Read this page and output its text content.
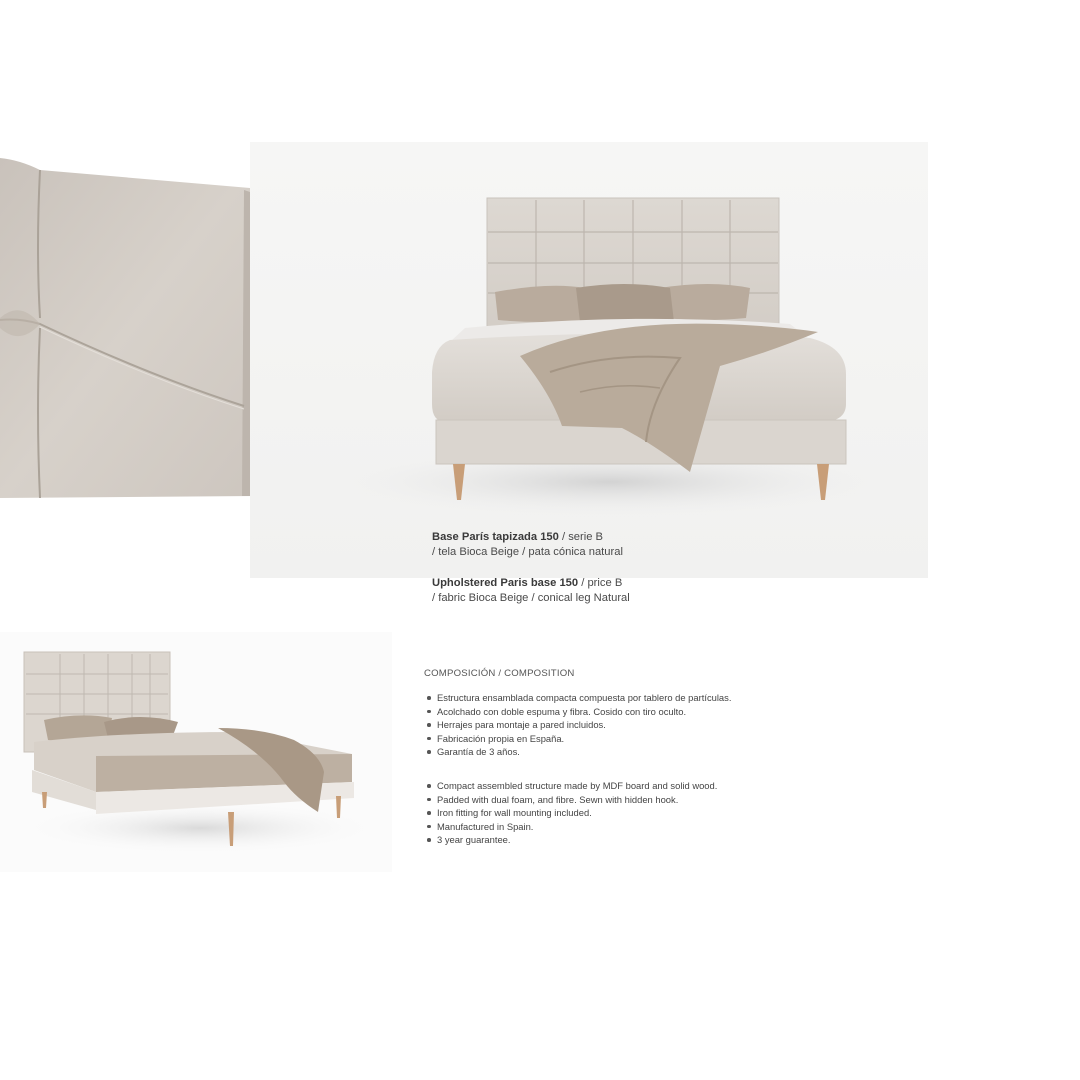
Base París tapizada 150 / serie B
/ tela Bioca Beige / pata cónica natural
Upholstered Paris base 150 / price B
/ fabric Bioca Beige / conical leg Natural
COMPOSICIÓN / COMPOSITION
Estructura ensamblada compacta compuesta por tablero de partículas.
Acolchado con doble espuma y fibra. Cosido con tiro oculto.
Herrajes para montaje a pared incluidos.
Fabricación propia en España.
Garantía de 3 años.
Compact assembled structure made by MDF board and solid wood.
Padded with dual foam, and fibre. Sewn with hidden hook.
Iron fitting for wall mounting included.
Manufactured in Spain.
3 year guarantee.
